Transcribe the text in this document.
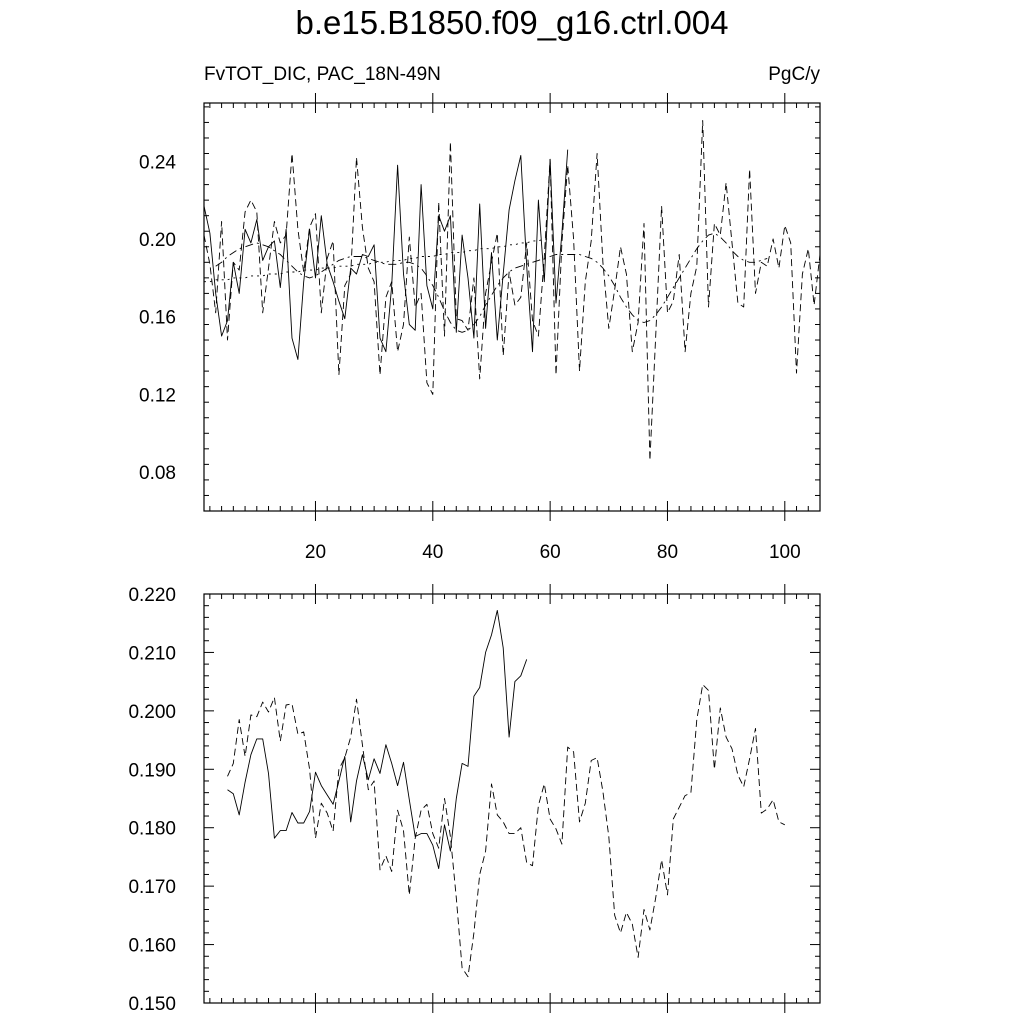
b.e15.B1850.f09_g16.ctrl.004
FvTOT_DIC, PAC_18N-49N	PgC/y
0.08
0.12
0.16
0.20
0.24
20	40	60	80	100
0.150
0.160
0.170
0.180
0.190
0.200
0.210
0.220
